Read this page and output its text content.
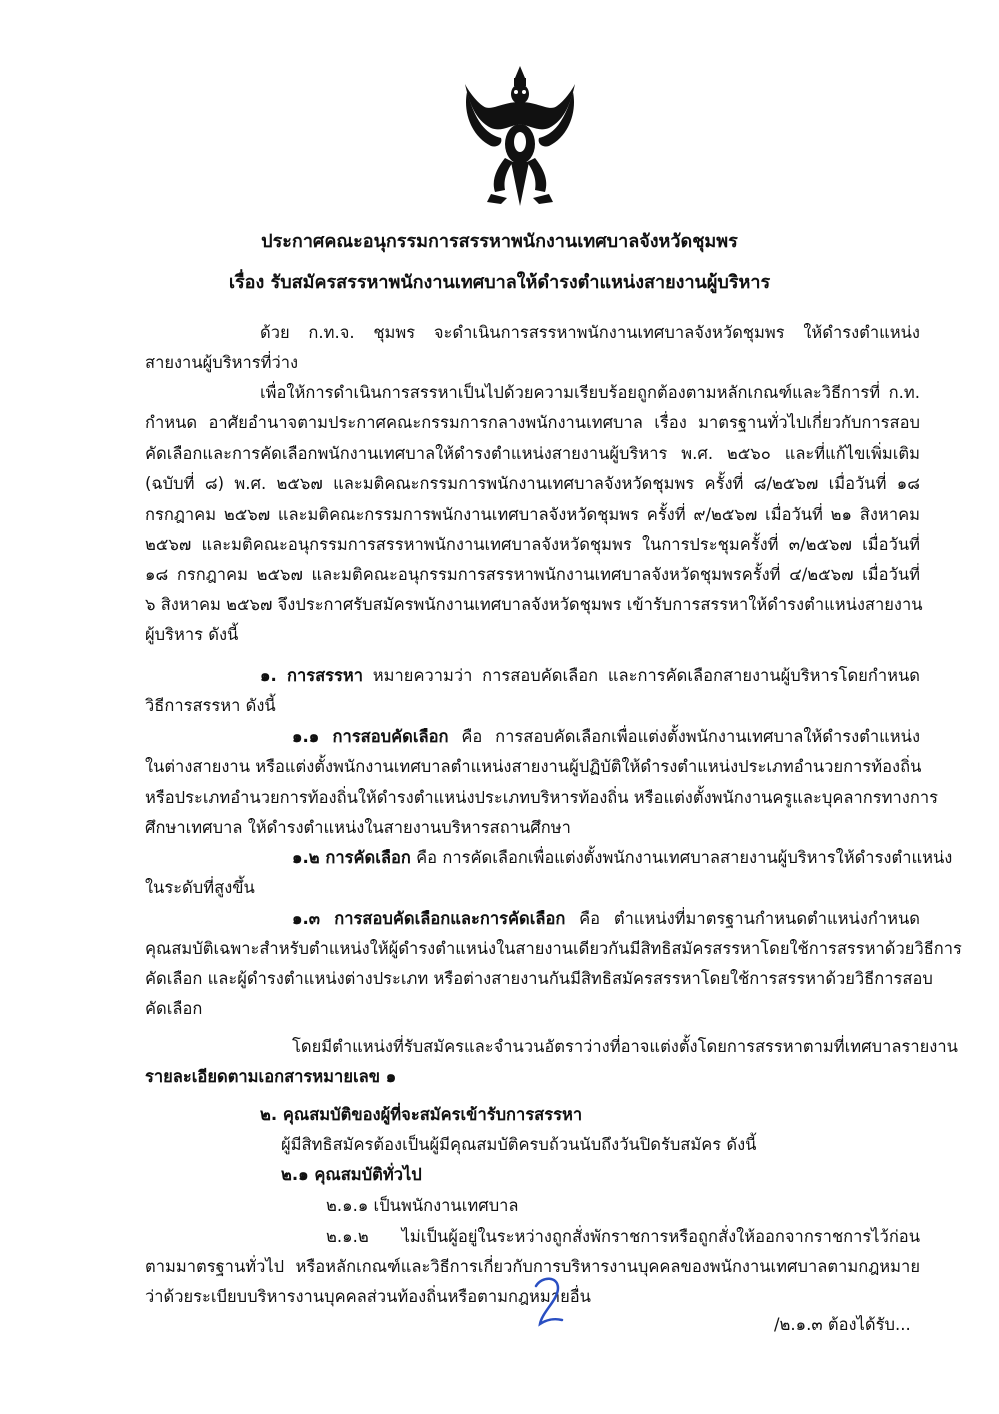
ประกาศคณะอนุกรรมการสรรหาพนักงานเทศบาลจังหวัดชุมพร
เรื่อง รับสมัครสรรหาพนักงานเทศบาลให้ดำรงตำแหน่งสายงานผู้บริหาร
ด้วย ก.ท.จ. ชุมพร จะดำเนินการสรรหาพนักงานเทศบาลจังหวัดชุมพร ให้ดำรงตำแหน่ง
สายงานผู้บริหารที่ว่าง
เพื่อให้การดำเนินการสรรหาเป็นไปด้วยความเรียบร้อยถูกต้องตามหลักเกณฑ์และวิธีการที่ ก.ท.
กำหนด อาศัยอำนาจตามประกาศคณะกรรมการกลางพนักงานเทศบาล เรื่อง มาตรฐานทั่วไปเกี่ยวกับการสอบ
คัดเลือกและการคัดเลือกพนักงานเทศบาลให้ดำรงตำแหน่งสายงานผู้บริหาร พ.ศ. ๒๕๖๐ และที่แก้ไขเพิ่มเติม
(ฉบับที่ ๘) พ.ศ. ๒๕๖๗ และมติคณะกรรมการพนักงานเทศบาลจังหวัดชุมพร ครั้งที่ ๘/๒๕๖๗ เมื่อวันที่ ๑๘
กรกฎาคม ๒๕๖๗ และมติคณะกรรมการพนักงานเทศบาลจังหวัดชุมพร ครั้งที่ ๙/๒๕๖๗ เมื่อวันที่ ๒๑ สิงหาคม
๒๕๖๗ และมติคณะอนุกรรมการสรรหาพนักงานเทศบาลจังหวัดชุมพร ในการประชุมครั้งที่ ๓/๒๕๖๗ เมื่อวันที่
๑๘ กรกฎาคม ๒๕๖๗ และมติคณะอนุกรรมการสรรหาพนักงานเทศบาลจังหวัดชุมพรครั้งที่ ๔/๒๕๖๗ เมื่อวันที่
๖ สิงหาคม ๒๕๖๗ จึงประกาศรับสมัครพนักงานเทศบาลจังหวัดชุมพร เข้ารับการสรรหาให้ดำรงตำแหน่งสายงาน
ผู้บริหาร ดังนี้
๑. การสรรหา หมายความว่า การสอบคัดเลือก และการคัดเลือกสายงานผู้บริหารโดยกำหนด
วิธีการสรรหา ดังนี้
๑.๑ การสอบคัดเลือก คือ การสอบคัดเลือกเพื่อแต่งตั้งพนักงานเทศบาลให้ดำรงตำแหน่ง
ในต่างสายงาน หรือแต่งตั้งพนักงานเทศบาลตำแหน่งสายงานผู้ปฏิบัติให้ดำรงตำแหน่งประเภทอำนวยการท้องถิ่น
หรือประเภทอำนวยการท้องถิ่นให้ดำรงตำแหน่งประเภทบริหารท้องถิ่น หรือแต่งตั้งพนักงานครูและบุคลากรทางการ
ศึกษาเทศบาล ให้ดำรงตำแหน่งในสายงานบริหารสถานศึกษา
๑.๒ การคัดเลือก คือ การคัดเลือกเพื่อแต่งตั้งพนักงานเทศบาลสายงานผู้บริหารให้ดำรงตำแหน่ง
ในระดับที่สูงขึ้น
๑.๓ การสอบคัดเลือกและการคัดเลือก คือ ตำแหน่งที่มาตรฐานกำหนดตำแหน่งกำหนด
คุณสมบัติเฉพาะสำหรับตำแหน่งให้ผู้ดำรงตำแหน่งในสายงานเดียวกันมีสิทธิสมัครสรรหาโดยใช้การสรรหาด้วยวิธีการ
คัดเลือก และผู้ดำรงตำแหน่งต่างประเภท หรือต่างสายงานกันมีสิทธิสมัครสรรหาโดยใช้การสรรหาด้วยวิธีการสอบ
คัดเลือก
โดยมีตำแหน่งที่รับสมัครและจำนวนอัตราว่างที่อาจแต่งตั้งโดยการสรรหาตามที่เทศบาลรายงาน
รายละเอียดตามเอกสารหมายเลข ๑
๒. คุณสมบัติของผู้ที่จะสมัครเข้ารับการสรรหา
ผู้มีสิทธิสมัครต้องเป็นผู้มีคุณสมบัติครบถ้วนนับถึงวันปิดรับสมัคร ดังนี้
๒.๑ คุณสมบัติทั่วไป
๒.๑.๑ เป็นพนักงานเทศบาล
๒.๑.๒ ไม่เป็นผู้อยู่ในระหว่างถูกสั่งพักราชการหรือถูกสั่งให้ออกจากราชการไว้ก่อน
ตามมาตรฐานทั่วไป หรือหลักเกณฑ์และวิธีการเกี่ยวกับการบริหารงานบุคคลของพนักงานเทศบาลตามกฎหมาย
ว่าด้วยระเบียบบริหารงานบุคคลส่วนท้องถิ่นหรือตามกฎหมายอื่น
/๒.๑.๓ ต้องได้รับ...
